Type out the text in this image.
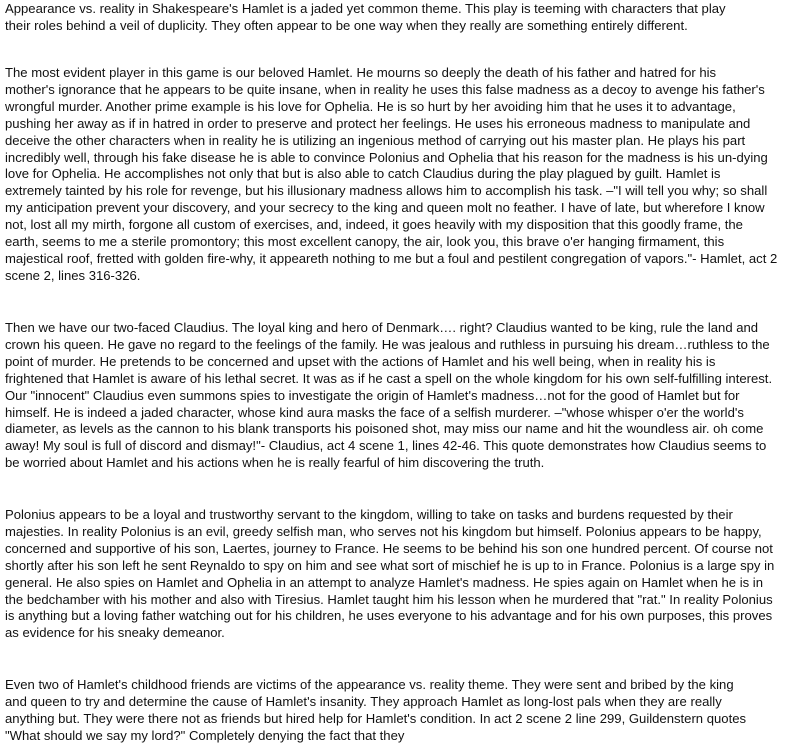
Appearance vs. reality in Shakespeare's Hamlet is a jaded yet common theme. This play is teeming with characters that play
their roles behind a veil of duplicity. They often appear to be one way when they really are something entirely different.
The most evident player in this game is our beloved Hamlet. He mourns so deeply the death of his father and hatred for his
mother's ignorance that he appears to be quite insane, when in reality he uses this false madness as a decoy to avenge his father's
wrongful murder. Another prime example is his love for Ophelia. He is so hurt by her avoiding him that he uses it to advantage,
pushing her away as if in hatred in order to preserve and protect her feelings. He uses his erroneous madness to manipulate and
deceive the other characters when in reality he is utilizing an ingenious method of carrying out his master plan. He plays his part
incredibly well, through his fake disease he is able to convince Polonius and Ophelia that his reason for the madness is his un-dying
love for Ophelia. He accomplishes not only that but is also able to catch Claudius during the play plagued by guilt. Hamlet is
extremely tainted by his role for revenge, but his illusionary madness allows him to accomplish his task. –"I will tell you why; so shall
my anticipation prevent your discovery, and your secrecy to the king and queen molt no feather. I have of late, but wherefore I know
not, lost all my mirth, forgone all custom of exercises, and, indeed, it goes heavily with my disposition that this goodly frame, the
earth, seems to me a sterile promontory; this most excellent canopy, the air, look you, this brave o'er hanging firmament, this
majestical roof, fretted with golden fire-why, it appeareth nothing to me but a foul and pestilent congregation of vapors."- Hamlet, act 2
scene 2, lines 316-326.
Then we have our two-faced Claudius. The loyal king and hero of Denmark…. right? Claudius wanted to be king, rule the land and
crown his queen. He gave no regard to the feelings of the family. He was jealous and ruthless in pursuing his dream…ruthless to the
point of murder. He pretends to be concerned and upset with the actions of Hamlet and his well being, when in reality his is
frightened that Hamlet is aware of his lethal secret. It was as if he cast a spell on the whole kingdom for his own self-fulfilling interest.
Our "innocent" Claudius even summons spies to investigate the origin of Hamlet's madness…not for the good of Hamlet but for
himself. He is indeed a jaded character, whose kind aura masks the face of a selfish murderer. –"whose whisper o'er the world's
diameter, as levels as the cannon to his blank transports his poisoned shot, may miss our name and hit the woundless air. oh come
away! My soul is full of discord and dismay!"- Claudius, act 4 scene 1, lines 42-46. This quote demonstrates how Claudius seems to
be worried about Hamlet and his actions when he is really fearful of him discovering the truth.
Polonius appears to be a loyal and trustworthy servant to the kingdom, willing to take on tasks and burdens requested by their
majesties. In reality Polonius is an evil, greedy selfish man, who serves not his kingdom but himself. Polonius appears to be happy,
concerned and supportive of his son, Laertes, journey to France. He seems to be behind his son one hundred percent. Of course not
shortly after his son left he sent Reynaldo to spy on him and see what sort of mischief he is up to in France. Polonius is a large spy in
general. He also spies on Hamlet and Ophelia in an attempt to analyze Hamlet's madness. He spies again on Hamlet when he is in
the bedchamber with his mother and also with Tiresius. Hamlet taught him his lesson when he murdered that "rat." In reality Polonius
is anything but a loving father watching out for his children, he uses everyone to his advantage and for his own purposes, this proves
as evidence for his sneaky demeanor.
Even two of Hamlet's childhood friends are victims of the appearance vs. reality theme. They were sent and bribed by the king
and queen to try and determine the cause of Hamlet's insanity. They approach Hamlet as long-lost pals when they are really
anything but. They were there not as friends but hired help for Hamlet's condition. In act 2 scene 2 line 299, Guildenstern quotes
"What should we say my lord?" Completely denying the fact that they
